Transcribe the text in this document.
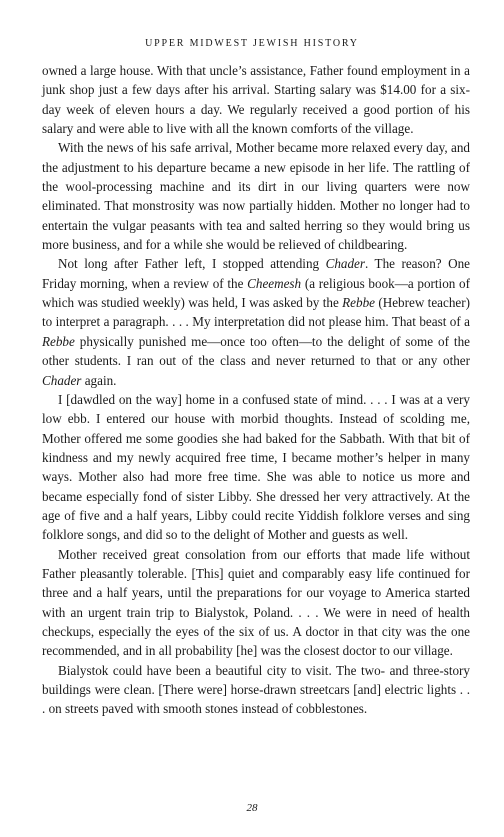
UPPER MIDWEST JEWISH HISTORY

owned a large house. With that uncle’s assistance, Father found employment in a junk shop just a few days after his arrival. Starting salary was $14.00 for a six-day week of eleven hours a day. We regularly received a good portion of his salary and were able to live with all the known comforts of the village.

With the news of his safe arrival, Mother became more relaxed every day, and the adjustment to his departure became a new episode in her life. The rattling of the wool-processing machine and its dirt in our living quarters were now eliminated. That monstrosity was now partially hidden. Mother no longer had to entertain the vulgar peasants with tea and salted herring so they would bring us more business, and for a while she would be relieved of childbearing.

Not long after Father left, I stopped attending Chader. The reason? One Friday morning, when a review of the Cheemesh (a religious book—a portion of which was studied weekly) was held, I was asked by the Rebbe (Hebrew teacher) to interpret a paragraph. . . . My interpretation did not please him. That beast of a Rebbe physically punished me—once too often—to the delight of some of the other students. I ran out of the class and never returned to that or any other Chader again.

I [dawdled on the way] home in a confused state of mind. . . . I was at a very low ebb. I entered our house with morbid thoughts. Instead of scolding me, Mother offered me some goodies she had baked for the Sabbath. With that bit of kindness and my newly acquired free time, I became mother’s helper in many ways. Mother also had more free time. She was able to notice us more and became especially fond of sister Libby. She dressed her very attractively. At the age of five and a half years, Libby could recite Yiddish folklore verses and sing folklore songs, and did so to the delight of Mother and guests as well.

Mother received great consolation from our efforts that made life without Father pleasantly tolerable. [This] quiet and comparably easy life continued for three and a half years, until the preparations for our voyage to America started with an urgent train trip to Bialystok, Poland. . . . We were in need of health checkups, especially the eyes of the six of us. A doctor in that city was the one recommended, and in all probability [he] was the closest doctor to our village.

Bialystok could have been a beautiful city to visit. The two- and three-story buildings were clean. [There were] horse-drawn streetcars [and] electric lights . . . on streets paved with smooth stones instead of cobblestones.

28
